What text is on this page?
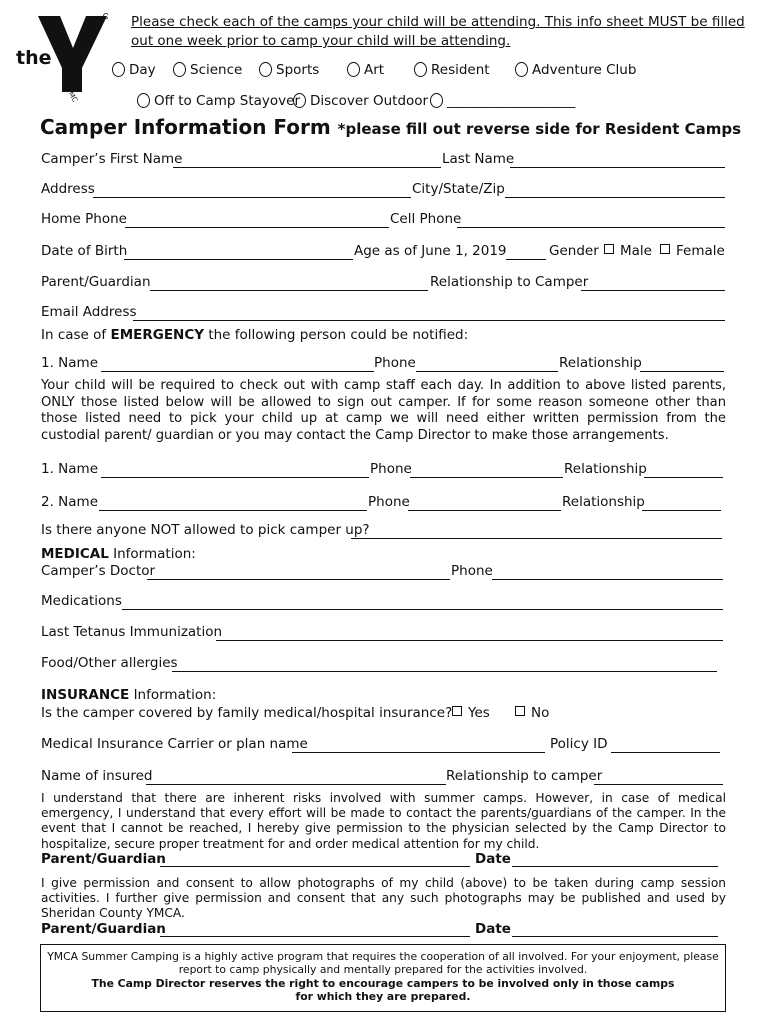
the
YMCA
Please check each of the camps your child will be attending. This info sheet MUST be filled
out one week prior to camp your child will be attending.
Day	Science	Sports	Art	Resident	Adventure Club
Off to Camp Stayover Discover Outdoor	___________________
Camper Information Form *please fill out reverse side for Resident Camps
Camper’s First Name	Last Name
Address	City/State/Zip
Home Phone	Cell Phone
Date of Birth	Age as of June 1, 2019	Gender	Male	Female
Parent/Guardian	Relationship to Camper
Email Address
In case of EMERGENCY the following person could be notified:
1. Name	Phone	Relationship
Your child will be required to check out with camp staff each day. In addition to above listed parents, ONLY those listed below will be allowed to sign out camper. If for some reason someone other than those listed need to pick your child up at camp we will need either written permission from the custodial parent/ guardian or you may contact the Camp Director to make those arrangements.
1. Name	Phone	Relationship
2. Name	Phone	Relationship
Is there anyone NOT allowed to pick camper up?
MEDICAL Information:
Camper’s Doctor	Phone
Medications
Last Tetanus Immunization
Food/Other allergies
INSURANCE Information:
Is the camper covered by family medical/hospital insurance?	Yes	No
Medical Insurance Carrier or plan name	Policy ID
Name of insured	Relationship to camper
I understand that there are inherent risks involved with summer camps. However, in case of medical emergency, I understand that every effort will be made to contact the parents/guardians of the camper. In the event that I cannot be reached, I hereby give permission to the physician selected by the Camp Director to hospitalize, secure proper treatment for and order medical attention for my child.
Parent/Guardian	Date
I give permission and consent to allow photographs of my child (above) to be taken during camp session activities. I further give permission and consent that any such photographs may be published and used by Sheridan County YMCA.
Parent/Guardian	Date
YMCA Summer Camping is a highly active program that requires the cooperation of all involved. For your enjoyment, please
report to camp physically and mentally prepared for the activities involved.
The Camp Director reserves the right to encourage campers to be involved only in those camps
for which they are prepared.
